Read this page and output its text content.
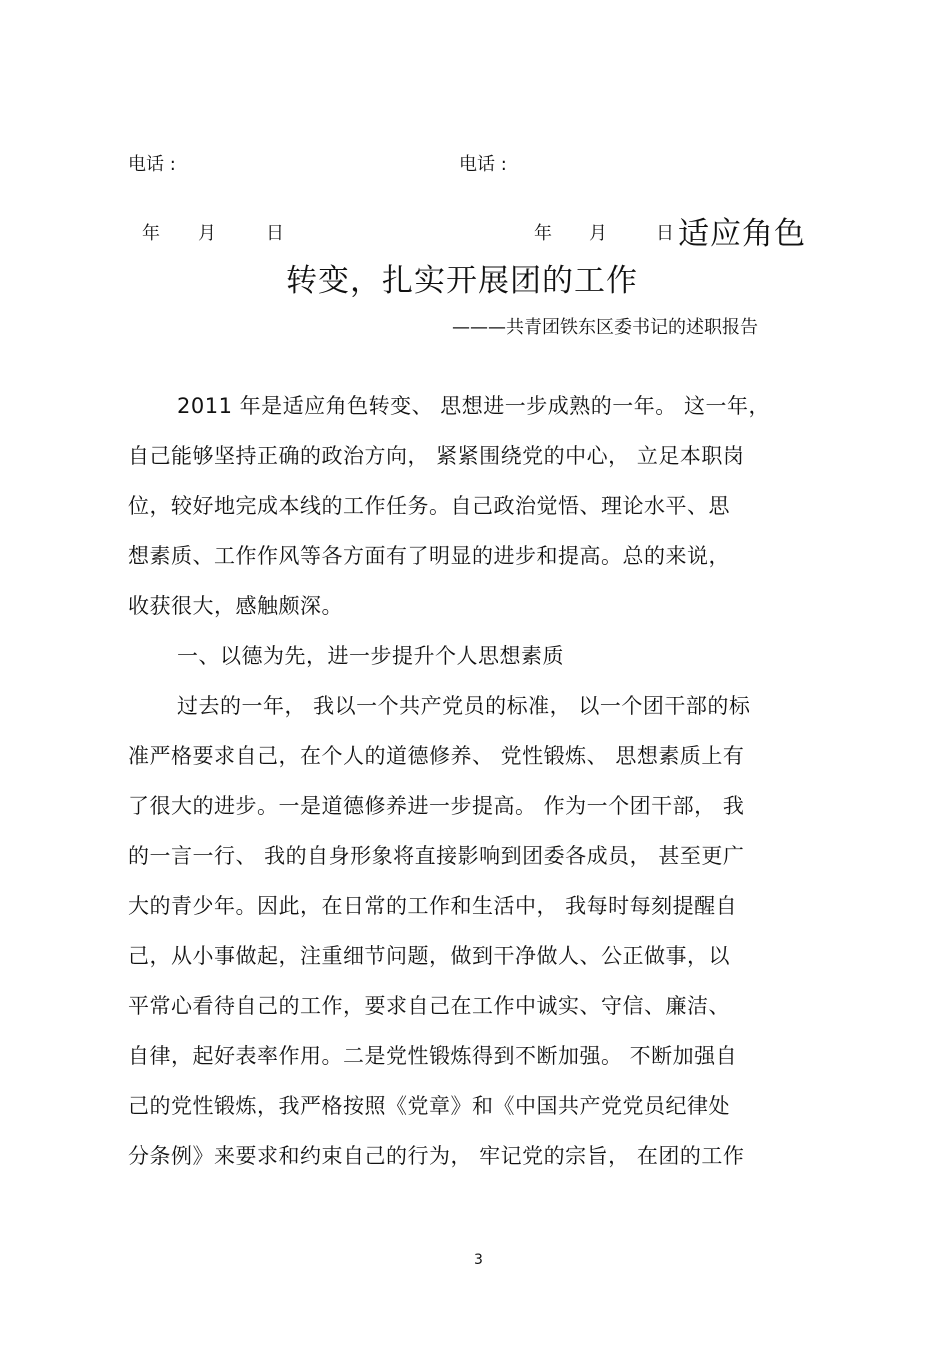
电话 :	电话 :
年 月	日	年 月	日 适应角色
转变，扎实开展团的工作
———共青团铁东区委书记的述职报告
2011 年是适应角色转变、 思想进一步成熟的一年。 这一年，
自己能够坚持正确的政治方向， 紧紧围绕党的中心， 立足本职岗
位，较好地完成本线的工作任务。自己政治觉悟、理论水平、思
想素质、工作作风等各方面有了明显的进步和提高。总的来说，
收获很大，感触颇深。
一、以德为先，进一步提升个人思想素质
过去的一年， 我以一个共产党员的标准， 以一个团干部的标
准严格要求自己，在个人的道德修养、 党性锻炼、 思想素质上有
了很大的进步。一是道德修养进一步提高。 作为一个团干部， 我
的一言一行、 我的自身形象将直接影响到团委各成员， 甚至更广
大的青少年。因此，在日常的工作和生活中， 我每时每刻提醒自
己，从小事做起，注重细节问题，做到干净做人、公正做事，以
平常心看待自己的工作，要求自己在工作中诚实、守信、廉洁、
自律，起好表率作用。二是党性锻炼得到不断加强。 不断加强自
己的党性锻炼，我严格按照《党章》和《中国共产党党员纪律处
分条例》来要求和约束自己的行为， 牢记党的宗旨， 在团的工作
3
